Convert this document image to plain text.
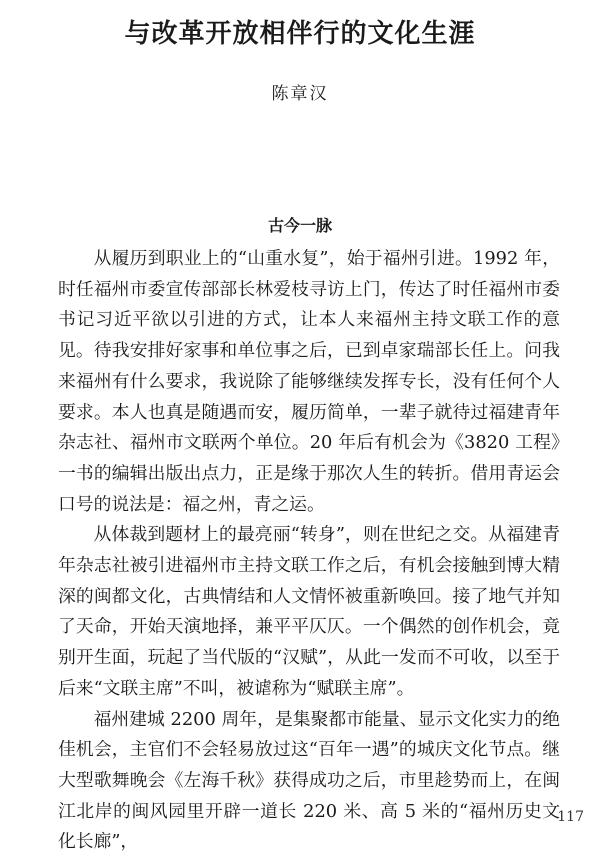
与改革开放相伴行的文化生涯
陈章汉
古今一脉

从履历到职业上的“山重水复”，始于福州引进。1992 年，时任福州市委宣传部部长林爱枝寻访上门，传达了时任福州市委书记习近平欲以引进的方式，让本人来福州主持文联工作的意见。待我安排好家事和单位事之后，已到卓家瑞部长任上。问我来福州有什么要求，我说除了能够继续发挥专长，没有任何个人要求。本人也真是随遇而安，履历简单，一辈子就待过福建青年杂志社、福州市文联两个单位。20 年后有机会为《3820 工程》一书的编辑出版出点力，正是缘于那次人生的转折。借用青运会口号的说法是：福之州，青之运。

从体裁到题材上的最亮丽“转身”，则在世纪之交。从福建青年杂志社被引进福州市主持文联工作之后，有机会接触到博大精深的闽都文化，古典情结和人文情怀被重新唤回。接了地气并知了天命，开始天演地择，兼平平仄仄。一个偶然的创作机会，竟别开生面，玩起了当代版的“汉赋”，从此一发而不可收，以至于后来“文联主席”不叫，被谑称为“赋联主席”。

福州建城 2200 周年，是集聚都市能量、显示文化实力的绝佳机会，主官们不会轻易放过这“百年一遇”的城庆文化节点。继大型歌舞晚会《左海千秋》获得成功之后，市里趁势而上，在闽江北岸的闽风园里开辟一道长 220 米、高 5 米的“福州历史文化长廊”，

117
